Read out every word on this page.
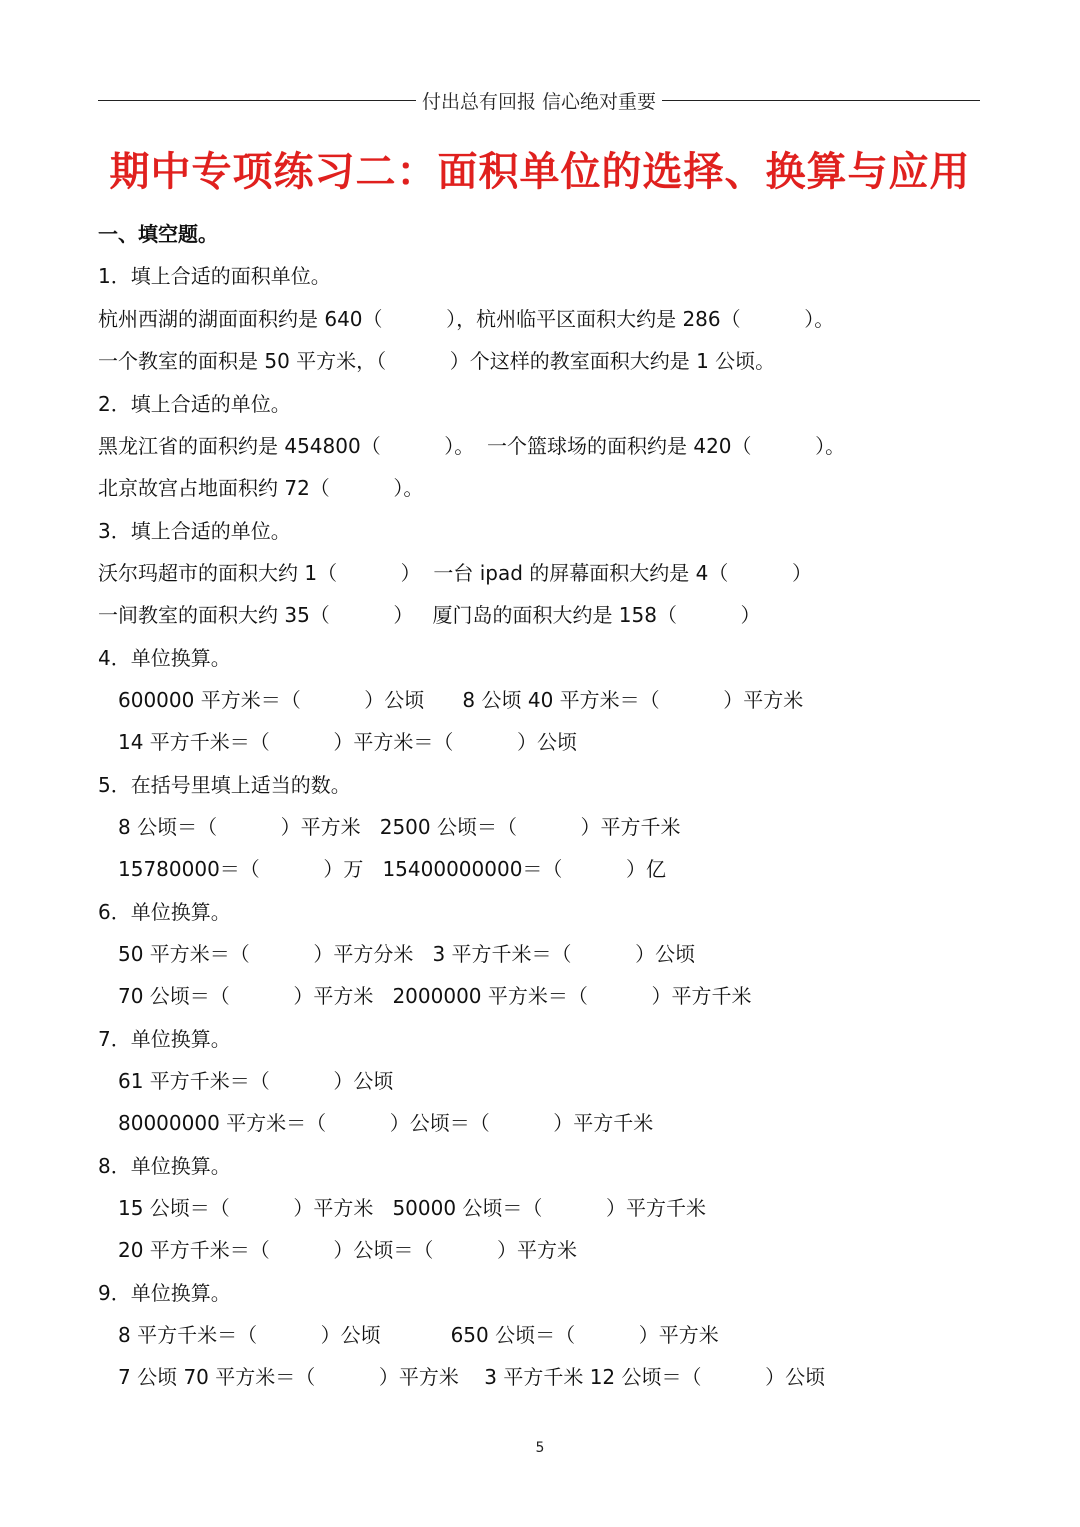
付出总有回报 信心绝对重要
期中专项练习二：面积单位的选择、换算与应用
一、填空题。
1．填上合适的面积单位。
杭州西湖的湖面面积约是 640（          ），杭州临平区面积大约是 286（          ）。
一个教室的面积是 50 平方米，（          ）个这样的教室面积大约是 1 公顷。
2．填上合适的单位。
黑龙江省的面积约是 454800（          ）。  一个篮球场的面积约是 420（          ）。
北京故宫占地面积约 72（          ）。
3．填上合适的单位。
沃尔玛超市的面积大约 1（          ）  一台 ipad 的屏幕面积大约是 4（          ）
一间教室的面积大约 35（          ）   厦门岛的面积大约是 158（          ）
4．单位换算。
600000 平方米＝（          ）公顷      8 公顷 40 平方米＝（          ）平方米
14 平方千米＝（          ）平方米＝（          ）公顷
5．在括号里填上适当的数。
8 公顷＝（          ）平方米   2500 公顷＝（          ）平方千米
15780000＝（          ）万   15400000000＝（          ）亿
6．单位换算。
50 平方米＝（          ）平方分米   3 平方千米＝（          ）公顷
70 公顷＝（          ）平方米   2000000 平方米＝（          ）平方千米
7．单位换算。
61 平方千米＝（          ）公顷
80000000 平方米＝（          ）公顷＝（          ）平方千米
8．单位换算。
15 公顷＝（          ）平方米   50000 公顷＝（          ）平方千米
20 平方千米＝（          ）公顷＝（          ）平方米
9．单位换算。
8 平方千米＝（          ）公顷           650 公顷＝（          ）平方米
7 公顷 70 平方米＝（          ）平方米    3 平方千米 12 公顷＝（          ）公顷
5
